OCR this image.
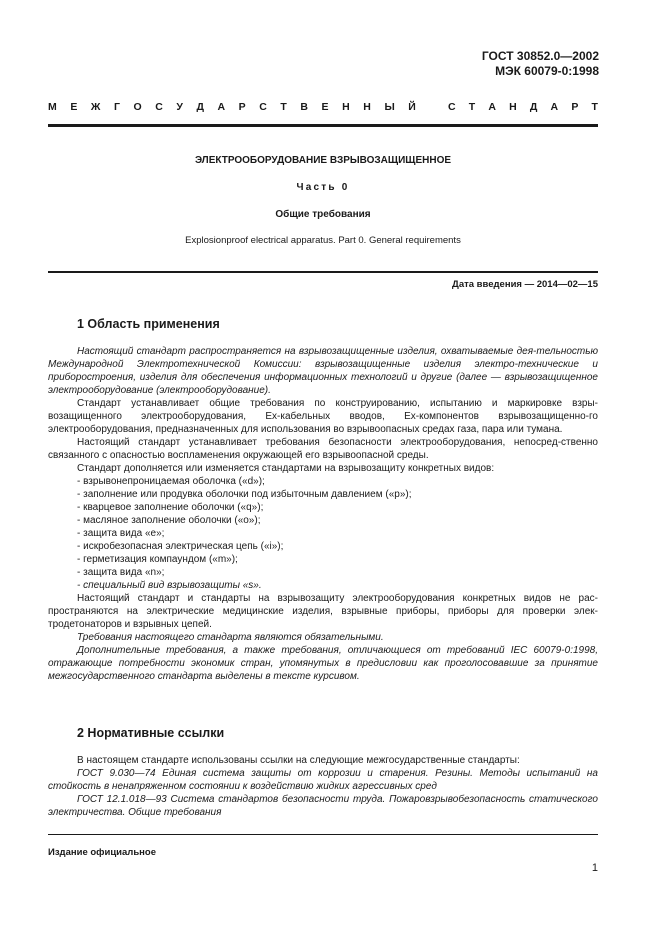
ГОСТ 30852.0—2002
МЭК 60079-0:1998
М Е Ж Г О С У Д А Р С Т В Е Н Н Ы Й	С Т А Н Д А Р Т
ЭЛЕКТРООБОРУДОВАНИЕ ВЗРЫВОЗАЩИЩЕННОЕ
Часть 0
Общие требования
Explosionproof electrical apparatus. Part 0. General requirements
Дата введения — 2014—02—15
1 Область применения

Настоящий стандарт распространяется на взрывозащищенные изделия, охватываемые дея-тельностью Международной Электротехнической Комиссии: взрывозащищенные изделия электро-технические и приборостроения, изделия для обеспечения информационных технологий и другие (далее — взрывозащищенное электрооборудование (электрооборудование).

Стандарт устанавливает общие требования по конструированию, испытанию и маркировке взры-возащищенного электрооборудования, Ex-кабельных вводов, Ex-компонентов взрывозащищенно-го электрооборудования, предназначенных для использования во взрывоопасных средах газа, пара или тумана.

Настоящий стандарт устанавливает требования безопасности электрооборудования, непосред-ственно связанного с опасностью воспламенения окружающей его взрывоопасной среды.

Стандарт дополняется или изменяется стандартами на взрывозащиту конкретных видов:

- взрывонепроницаемая оболочка («d»);
- заполнение или продувка оболочки под избыточным давлением («p»);
- кварцевое заполнение оболочки («q»);
- масляное заполнение оболочки («o»);
- защита вида «е»;
- искробезопасная электрическая цепь («i»);
- герметизация компаундом («m»);
- защита вида «n»;
- специальный вид взрывозащиты «s».

Настоящий стандарт и стандарты на взрывозащиту электрооборудования конкретных видов не рас-пространяются на электрические медицинские изделия, взрывные приборы, приборы для проверки элек-тродетонаторов и взрывных цепей.

Требования настоящего стандарта являются обязательными.

Дополнительные требования, а также требования, отличающиеся от требований IEC 60079-0:1998, отражающие потребности экономик стран, упомянутых в предисловии как проголосовавшие за принятие межгосударственного стандарта выделены в тексте курсивом.

2 Нормативные ссылки

В настоящем стандарте использованы ссылки на следующие межгосударственные стандарты:

ГОСТ 9.030—74 Единая система защиты от коррозии и старения. Резины. Методы испытаний на стойкость в ненапряженном состоянии к воздействию жидких агрессивных сред

ГОСТ 12.1.018—93 Система стандартов безопасности труда. Пожаровзрывобезопасность статического электричества. Общие требования

Издание официальное
1
